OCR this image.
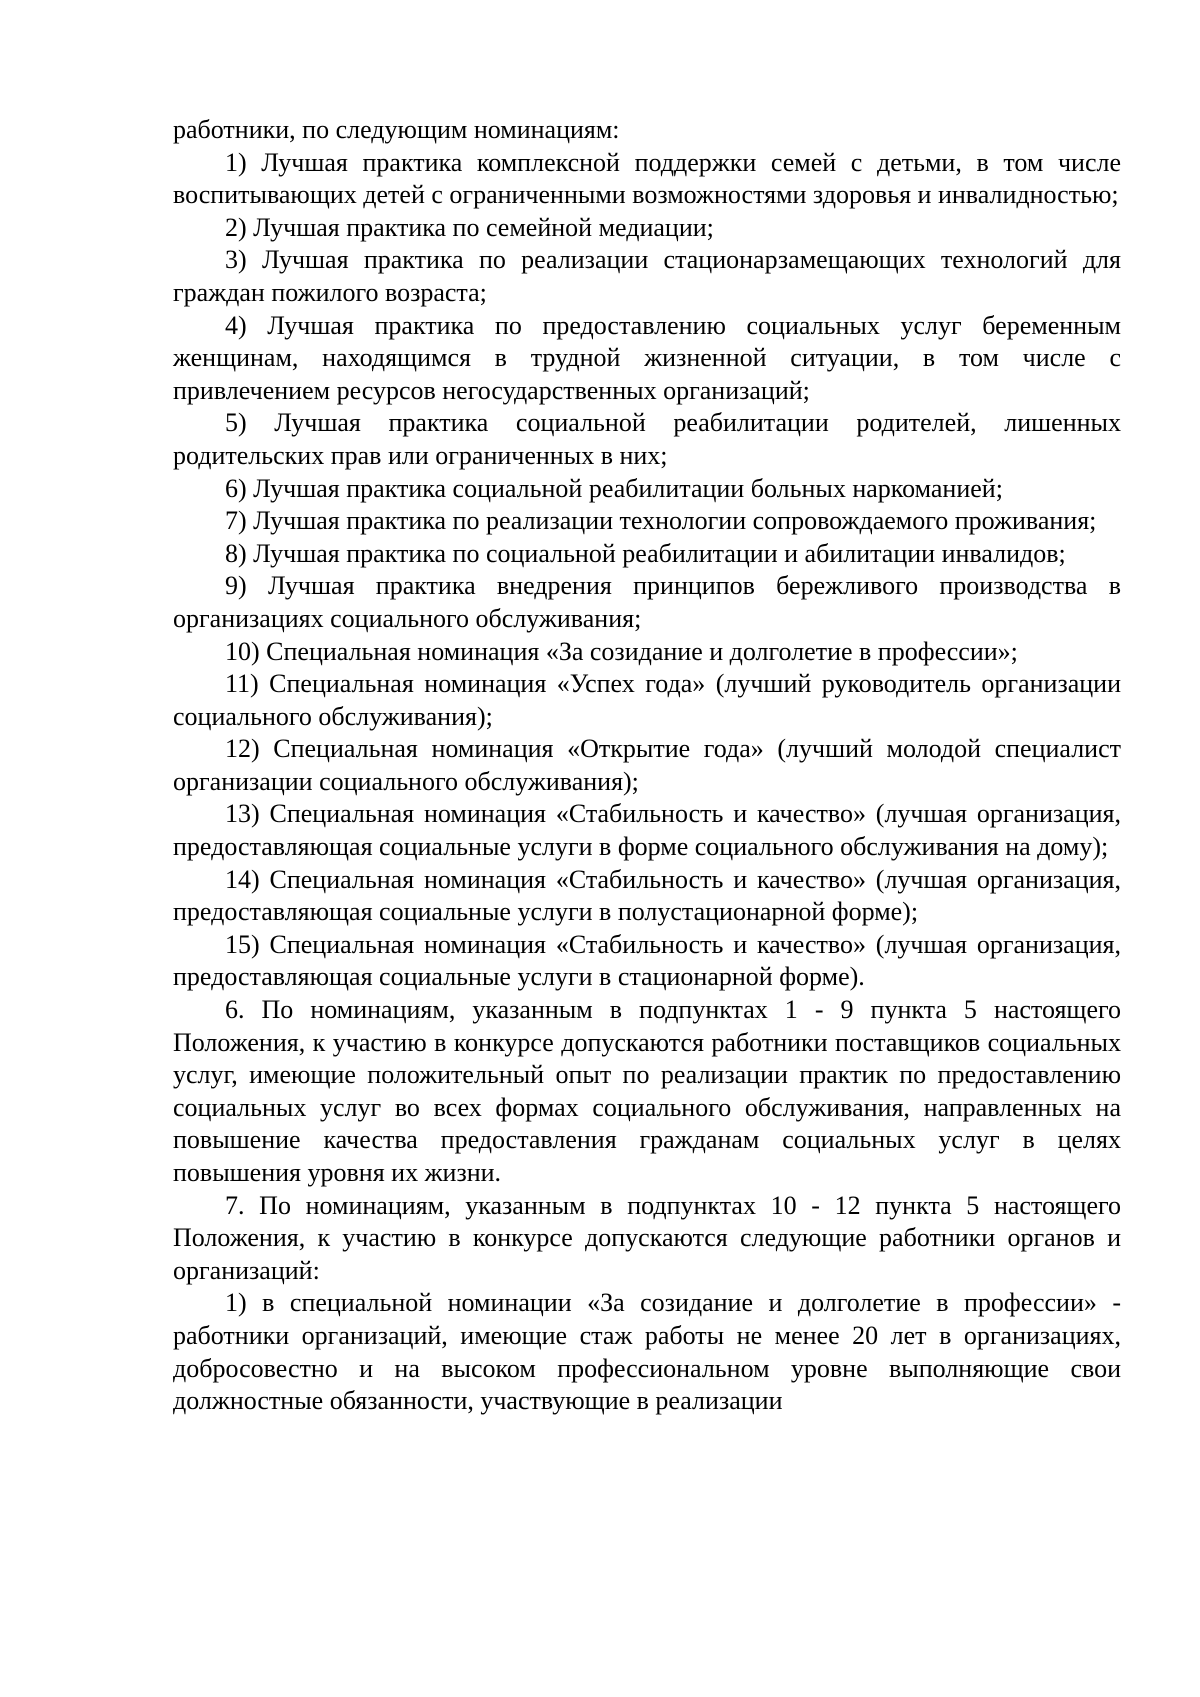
работники, по следующим номинациям:

1) Лучшая практика комплексной поддержки семей с детьми, в том числе воспитывающих детей с ограниченными возможностями здоровья и инвалидностью;

2) Лучшая практика по семейной медиации;

3) Лучшая практика по реализации стационарзамещающих технологий для граждан пожилого возраста;

4) Лучшая практика по предоставлению социальных услуг беременным женщинам, находящимся в трудной жизненной ситуации, в том числе с привлечением ресурсов негосударственных организаций;

5) Лучшая практика социальной реабилитации родителей, лишенных родительских прав или ограниченных в них;

6) Лучшая практика социальной реабилитации больных наркоманией;

7) Лучшая практика по реализации технологии сопровождаемого проживания;

8) Лучшая практика по социальной реабилитации и абилитации инвалидов;

9) Лучшая практика внедрения принципов бережливого производства в организациях социального обслуживания;

10) Специальная номинация «За созидание и долголетие в профессии»;

11) Специальная номинация «Успех года» (лучший руководитель организации социального обслуживания);

12) Специальная номинация «Открытие года» (лучший молодой специалист организации социального обслуживания);

13) Специальная номинация «Стабильность и качество» (лучшая организация, предоставляющая социальные услуги в форме социального обслуживания на дому);

14) Специальная номинация «Стабильность и качество» (лучшая организация, предоставляющая социальные услуги в полустационарной форме);

15) Специальная номинация «Стабильность и качество» (лучшая организация, предоставляющая социальные услуги в стационарной форме).

6. По номинациям, указанным в подпунктах 1 - 9 пункта 5 настоящего Положения, к участию в конкурсе допускаются работники поставщиков социальных услуг, имеющие положительный опыт по реализации практик по предоставлению социальных услуг во всех формах социального обслуживания, направленных на повышение качества предоставления гражданам социальных услуг в целях повышения уровня их жизни.

7. По номинациям, указанным в подпунктах 10 - 12 пункта 5 настоящего Положения, к участию в конкурсе допускаются следующие работники органов и организаций:

1) в специальной номинации «За созидание и долголетие в профессии» - работники организаций, имеющие стаж работы не менее 20 лет в организациях, добросовестно и на высоком профессиональном уровне выполняющие свои должностные обязанности, участвующие в реализации
